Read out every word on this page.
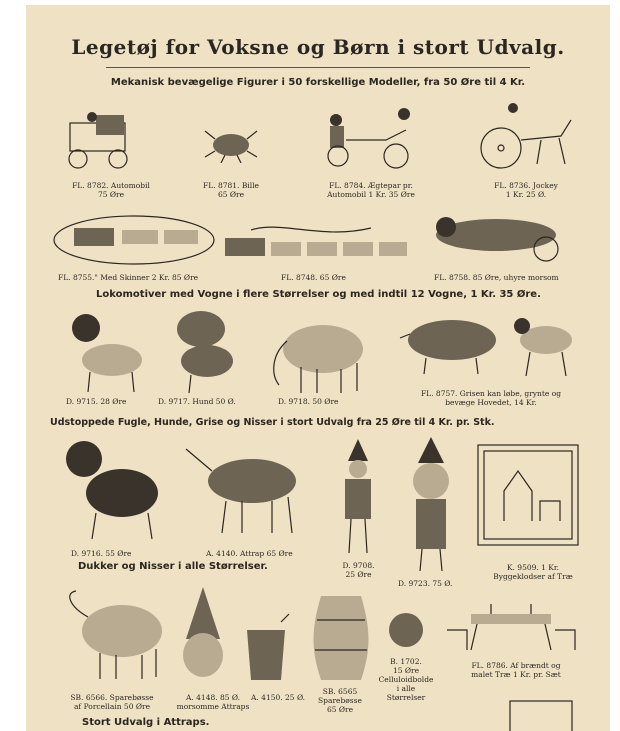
Legetøj for Voksne og Børn i stort Udvalg.
Mekanisk bevægelige Figurer i 50 forskellige Modeller, fra 50 Øre til 4 Kr.
FL. 8782. Automobil
75 Øre
FL. 8781. Bille
65 Øre
FL. 8784. Ægtepar pr.
Automobil 1 Kr. 35 Øre
FL. 8736. Jockey
1 Kr. 25 Ø.
FL. 8755." Med Skinner 2 Kr. 85 Øre	FL. 8748. 65 Øre	FL. 8758. 85 Øre, uhyre morsom
Lokomotiver med Vogne i flere Størrelser og med indtil 12 Vogne, 1 Kr. 35 Øre.
D. 9715. 28 Øre	D. 9717. Hund 50 Ø.	D. 9718. 50 Øre
FL. 8757. Grisen kan løbe, grynte og
bevæge Hovedet, 14 Kr.
Udstoppede Fugle, Hunde, Grise og Nisser i stort Udvalg fra 25 Øre til 4 Kr. pr. Stk.
D. 9716. 55 Øre	A. 4140. Attrap 65 Øre
D. 9708.
25 Øre
D. 9723. 75 Ø.
K. 9509. 1 Kr.
Byggeklodser af Træ
Dukker og Nisser i alle Størrelser.
SB. 6566. Sparebøsse
af Porcellain 50 Øre
A. 4148. 85 Ø.
morsomme Attraps
A. 4150. 25 Ø.
SB. 6565
Sparebøsse
65 Øre
B. 1702.
15 Øre
Celluloidbolde
i alle
Størrelser
FL. 8786. Af brændt og
malet Træ 1 Kr. pr. Sæt
Stort Udvalg i Attraps.
